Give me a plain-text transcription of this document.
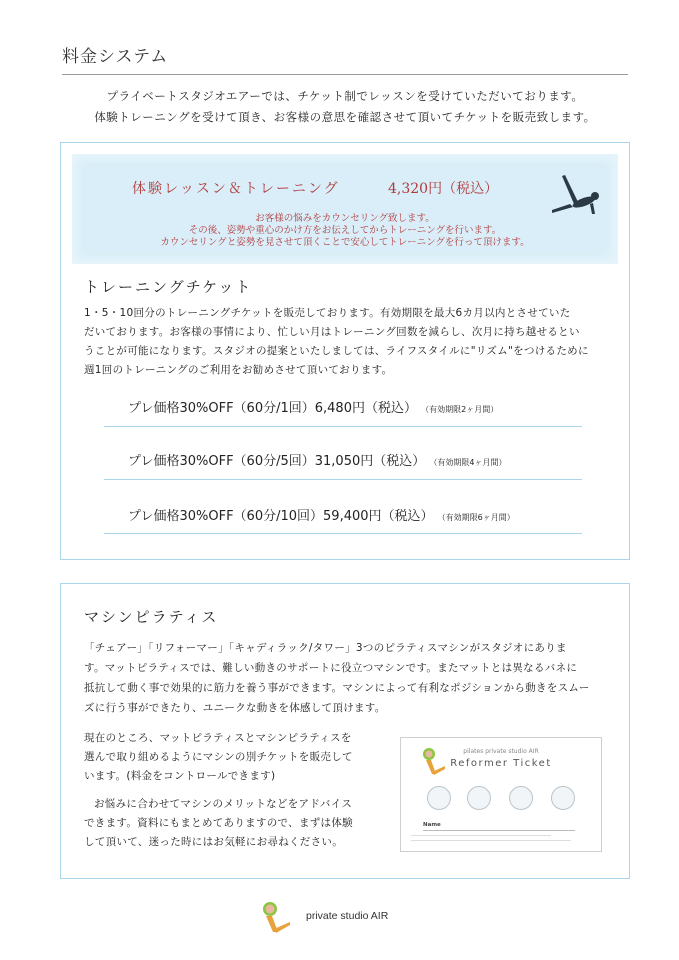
料金システム
プライベートスタジオエアーでは、チケット制でレッスンを受けていただいております。
体験トレーニングを受けて頂き、お客様の意思を確認させて頂いてチケットを販売致します。
体験レッスン＆トレーニング	4,320円（税込）
お客様の悩みをカウンセリング致します。
その後、姿勢や重心のかけ方をお伝えしてからトレーニングを行います。
カウンセリングと姿勢を見させて頂くことで安心してトレーニングを行って頂けます。
トレーニングチケット
1・5・10回分のトレーニングチケットを販売しております。有効期限を最大6カ月以内とさせていた
だいております。お客様の事情により、忙しい月はトレーニング回数を減らし、次月に持ち越せるとい
うことが可能になります。スタジオの提案といたしましては、ライフスタイルに"リズム"をつけるために
週1回のトレーニングのご利用をお勧めさせて頂いております。
プレ価格30%OFF（60分/1回）6,480円（税込） （有効期限2ヶ月間）
プレ価格30%OFF（60分/5回）31,050円（税込） （有効期限4ヶ月間）
プレ価格30%OFF（60分/10回）59,400円（税込） （有効期限6ヶ月間）
マシンピラティス
「チェアー」「リフォーマー」「キャディラック/タワー」3つのピラティスマシンがスタジオにありま
す。マットピラティスでは、難しい動きのサポートに役立つマシンです。またマットとは異なるバネに
抵抗して動く事で効果的に筋力を養う事ができます。マシンによって有利なポジションから動きをスムー
ズに行う事ができたり、ユニークな動きを体感して頂けます。
現在のところ、マットピラティスとマシンピラティスを
選んで取り組めるようにマシンの別チケットを販売して
います。(料金をコントロールできます)
お悩みに合わせてマシンのメリットなどをアドバイス
できます。資料にもまとめてありますので、まずは体験
して頂いて、迷った時にはお気軽にお尋ねください。
pilates private studio AIR
Reformer Ticket
Name
private studio AIR
